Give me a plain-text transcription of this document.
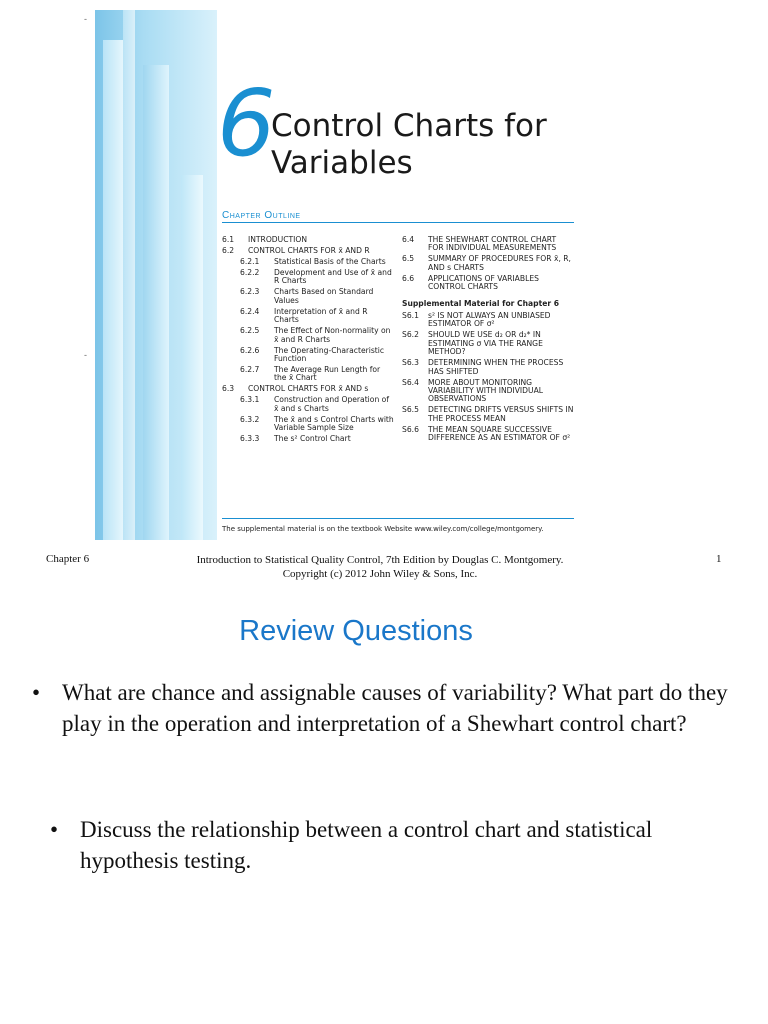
-
-
6
Control Charts for
Variables
Chapter Outline
6.1	INTRODUCTION
6.2	CONTROL CHARTS FOR x̄ AND R
6.2.1	Statistical Basis of the Charts
6.2.2	Development and Use of x̄ and R Charts
6.2.3	Charts Based on Standard Values
6.2.4	Interpretation of x̄ and R Charts
6.2.5	The Effect of Non-normality on x̄ and R Charts
6.2.6	The Operating-Characteristic Function
6.2.7	The Average Run Length for the x̄ Chart
6.3	CONTROL CHARTS FOR x̄ AND s
6.3.1	Construction and Operation of x̄ and s Charts
6.3.2	The x̄ and s Control Charts with Variable Sample Size
6.3.3	The s² Control Chart
6.4	THE SHEWHART CONTROL CHART FOR INDIVIDUAL MEASUREMENTS
6.5	SUMMARY OF PROCEDURES FOR x̄, R, AND s CHARTS
6.6	APPLICATIONS OF VARIABLES CONTROL CHARTS
Supplemental Material for Chapter 6
S6.1	s² IS NOT ALWAYS AN UNBIASED ESTIMATOR OF σ²
S6.2	SHOULD WE USE d₂ OR d₂* IN ESTIMATING σ VIA THE RANGE METHOD?
S6.3	DETERMINING WHEN THE PROCESS HAS SHIFTED
S6.4	MORE ABOUT MONITORING VARIABILITY WITH INDIVIDUAL OBSERVATIONS
S6.5	DETECTING DRIFTS VERSUS SHIFTS IN THE PROCESS MEAN
S6.6	THE MEAN SQUARE SUCCESSIVE DIFFERENCE AS AN ESTIMATOR OF σ²
The supplemental material is on the textbook Website www.wiley.com/college/montgomery.
Chapter 6	Introduction to Statistical Quality Control, 7th Edition by Douglas C. Montgomery.
Copyright (c) 2012 John Wiley & Sons, Inc.
1
Review Questions
• What are chance and assignable causes of variability? What part do they play in the operation and interpretation of a Shewhart control chart?
• Discuss the relationship between a control chart and statistical hypothesis testing.
